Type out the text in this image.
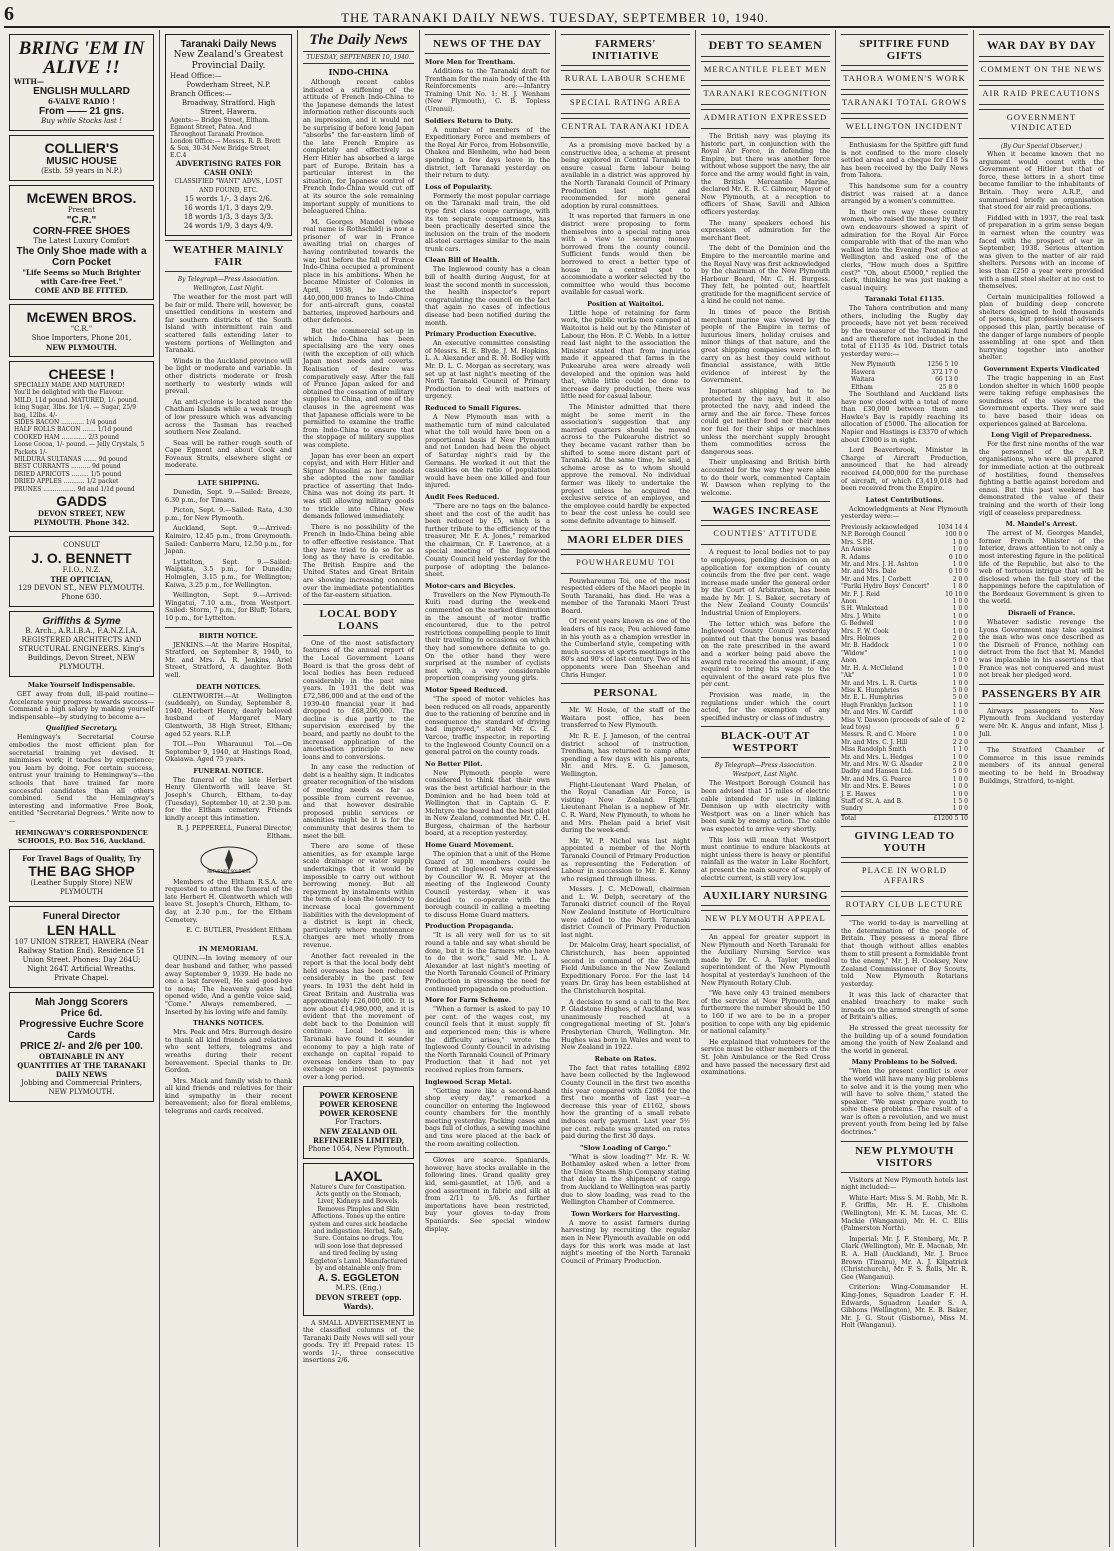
6	THE TARANAKI DAILY NEWS. TUESDAY, SEPTEMBER 10, 1940.
BRING 'EM IN ALIVE !!
WITH—
ENGLISH MULLARD
6-VALVE RADIO !
From —— 21 gns.
Buy while Stocks last !
COLLIER'S
MUSIC HOUSE
(Estb. 59 years in N.P.)
McEWEN BROS.
Present
"C.R."
CORN-FREE SHOES
The Latest Luxury Comfort
The Only Shoe made with a Corn Pocket
"Life Seems so Much Brighter with Care-free Feet."
COME AND BE FITTED.
McEWEN BROS.
"C.R."
Shoe Importers, Phone 201,
NEW PLYMOUTH.
CHEESE !
SPECIALLY MADE AND MATURED!
You'll be delighted with the Flavour.
MILD, 11d pound. MATURED, 1/- pound.
Icing Sugar, 3lbs. for 1/4. — Sugar, 25/9 bag, 12lbs. 4/-
SIDES BACON ............ 1/4 pound
HALF ROLLS BACON ....... 1/1d pound
COOKED HAM ............. 2/3 pound
Loose Cocoa, 1/- pound. — Jelly Crystals, 5 Packets 1/-
MILDURA SULTANAS ....... 9d pound
BEST CURRANTS .......... 9d pound
DRIED APRICOTS ......... 1/5 pound
DRIED APPLES ........... 1/2 packet
PRUNES ................. 9d and 1/1d pound
GADDS
DEVON STREET, NEW PLYMOUTH. Phone 342.
CONSULT
J. O. BENNETT
F.I.O., N.Z.
THE OPTICIAN,
129 DEVON ST., NEW PLYMOUTH. Phone 630.
Griffiths & Syme
B. Arch., A.R.I.B.A., F.A.N.Z.I.A. REGISTERED ARCHITECTS AND STRUCTURAL ENGINEERS. King's Buildings, Devon Street, NEW PLYMOUTH.
Make Yourself Indispensable.

GET away from dull, ill-paid routine— Accelerate your progress towards success—Command a high salary by making yourself indispensable—by studying to become a—

Qualified Secretary.

Hemingway's Secretarial Course embodies the most efficient plan for secretarial training yet devised. It minimises work; it teaches by experience; you learn by doing. For certain success, entrust your training to Hemingway's—the schools that have trained far more successful candidates than all others combined. Send the Hemingway's interesting and informative Free Book, entitled "Secretarial Degrees." Write now to—

HEMINGWAY'S CORRESPONDENCE SCHOOLS, P.O. Box 516, Auckland.
For Travel Bags of Quality, Try
THE BAG SHOP
(Leather Supply Store) NEW PLYMOUTH
Funeral Director
LEN HALL
107 UNION STREET, HAWERA (Near Railway Station End). Residence 51 Union Street. Phones: Day 264U; Night 264T. Artificial Wreaths. Private Chapel.
Mah Jongg Scorers
Price 6d.
Progressive Euchre Score Cards
PRICE 2/- and 2/6 per 100.
OBTAINABLE IN ANY QUANTITIES AT THE TARANAKI DAILY NEWS
Jobbing and Commercial Printers, NEW PLYMOUTH.
Taranaki Daily News
New Zealand's Greatest Provincial Daily.
Head Office:—
Powderham Street, N.P.
Branch Offices:—
Broadway, Stratford. High Street, Hawera.
Agents:— Bridge Street, Eltham. Egmont Street, Patea. And Throughout Taranaki Province.
London Office:— Messrs. R. B. Brett & Son, 30-34 New Bridge Street, E.C.4
ADVERTISING RATES FOR CASH ONLY:
CLASSIFIED "WANT" ADVS., LOST AND FOUND, ETC.
15 words 1/-, 3 days 2/6.
16 words 1/1, 3 days 2/9.
18 words 1/3, 3 days 3/3.
24 words 1/9, 3 days 4/9.
WEATHER MAINLY FAIR
By Telegraph—Press Association.
Wellington, Last Night.

The weather for the most part will be fair or mild. There will, however, be unsettled conditions in western and far southern districts of the South Island with intermittent rain and scattered falls extending later to western portions of Wellington and Taranaki.

Winds in the Auckland province will be light or moderate and variable. In other districts moderate or fresh northerly to westerly winds will prevail.

An anti-cyclone is located near the Chatham Islands while a weak trough of low pressure which was advancing across the Tasman has reached southern New Zealand.

Seas will be rather rough south of Cape Egmont and about Cook and Foveaux Straits, elsewhere slight or moderate.

LATE SHIPPING.

Dunedin, Sept. 9.—Sailed: Breeze, 6.30 p.m., for Timaru.

Picton, Sept. 9.—Sailed: Rata, 4.30 p.m., for New Plymouth.

Auckland, Sept. 9.—Arrived: Kaimiro, 12.45 p.m., from Greymouth. Sailed: Canberra Maru, 12.50 p.m., for Japan.

Lyttelton, Sept. 9.—Sailed: Waipiata, 3.5 p.m., for Dunedin; Holmglen, 3.15 p.m., for Wellington; Kaiwa, 3.25 p.m., for Wellington.

Wellington, Sept. 9.—Arrived: Wingatui, 7.10 a.m., from Westport. Sailed: Storm, 7 p.m., for Bluff; Totara, 10 p.m., for Lyttelton.

BIRTH NOTICE.

JENKINS.—At the Marire Hospital, Stratford, on September 8, 1940, to Mr. and Mrs. A. R. Jenkins, Ariel Street, Stratford, A daughter. Both well.

DEATH NOTICES.

GLENTWORTH.—At Wellington (suddenly), on Sunday, September 8, 1940, Herbert Henry, dearly beloved husband of Margaret Mary Glentworth, 38 High Street, Eltham; aged 52 years. R.I.P.

TOI.—Pou Wharaunui Toi.—On September 9, 1940, at Hastings Road, Okaiawa. Aged 75 years.

FUNERAL NOTICE.

The funeral of the late Herbert Henry Glentworth will leave St. Joseph's Church, Eltham, to-day (Tuesday), September 10, at 2.30 p.m. for the Eltham cemetery. Friends kindly accept this intimation.

R. J. PEPPERELL, Funeral Director, Eltham.

RETURNED SOLDIERS

Members of the Eltham R.S.A. are requested to attend the funeral of the late Herbert H. Glentworth which will leave St. Joseph's Church, Eltham, to-day, at 2.30 p.m., for the Eltham Cemetery.

E. C. BUTLER, President Eltham R.S.A.

IN MEMORIAM.

QUINN.—In loving memory of our dear husband and father, who passed away September 9, 1939. He bade no one a last farewell, He said good-bye to none; The heavenly gates had opened wide, And a gentle voice said, "Come." Always remembered. —Inserted by his loving wife and family.

THANKS NOTICES.

Mrs. Peek and Mrs. Burrough desire to thank all kind friends and relatives who sent letters, telegrams and wreaths during their recent bereavement. Special thanks to Dr. Gordon.

Mrs. Mack and family wish to thank all kind friends and relatives for their kind sympathy in their recent bereavement; also for floral emblems, telegrams and cards received.

The Daily News
TUESDAY, SEPTEMBER 10, 1940.
INDO-CHINA

Although recent cables indicated a stiffening of the attitude of French Indo-China to the Japanese demands the latest information rather discounts such an impression, and it would not be surprising if before long Japan "absorbs" the far-eastern limb of the late French Empire as completely and effectively as Herr Hitler has absorbed a large part of Europe. Britain has a particular interest in the situation, for Japanese control of French Indo-China would cut off at its source the sole remaining important supply of munitions to beleaguered China.

M. Georges Mandel (whose real name is Rothschild) is now a prisoner of war in France awaiting trial on charges of having contributed towards the war, but before the fall of France Indo-China occupied a prominent place in his ambitions. When he became Minister of Colonies in April, 1938, he allotted 440,000,000 francs to Indo-China for anti-aircraft guns, coastal batteries, improved harbours and other defences.

But the commercial set-up in which Indo-China has been specialising are the very ones (with the exception of oil) which Japan most needs and coverts. Realisation of desire was comparatively easy. After the fall of France Japan asked for and obtained the cessation of military supplies to China, and one of the clauses in the agreement was that Japanese officials were to be permitted to examine the traffic from Indo-China to ensure that the stoppage of military supplies was complete.

Japan has ever been an expert copyist, and with Herr Hitler and Signor Mussolini as her models she adopted the now familiar practice of asserting that Indo-China was not doing its part. It was still allowing military goods to trickle into China. New demands followed immediately.

There is no possibility of the French in Indo-China being able to offer effective resistance. That they have tried to do so for as long as they have is creditable. The British Empire and the United States and Great Britain are showing increasing concern over the immediate potentialities of the far-eastern situation.

LOCAL BODY LOANS

One of the most satisfactory features of the annual report of the Local Government Loans Board is that the gross debt of local bodies has been reduced considerably in the past nine years. In 1931 the debt was £72,586,000 and at the end of the 1939-40 financial year it had dropped to £68,206,000. The decline is due partly to the supervision exercised by the board, and partly no doubt to the increased application of the amortisation principle to new loans and to conversions.

In any case the reduction of debt is a healthy sign. It indicates greater recognition of the wisdom of meeting needs as far as possible from current revenue, and that however desirable proposed public services or amenities might be it is for the community that desires them to meet the bill.

There are some of these amenities, as for example large scale drainage or water supply undertakings that it would be impossible to carry out without borrowing money. But all repayment by instalments within the term of a loan the tendency to increase local government liabilities with the development of a district is kept in check, particularly where maintenance charges are met wholly from revenue.

Another fact revealed in the report is that the local body debt held overseas has been reduced considerably in the past few years. In 1931 the debt held in Great Britain and Australia was approximately £26,000,000. It is now about £14,980,000, and it is evident that the movement of debt back to the Dominion will continue. Local bodies in Taranaki have found it sounder economy to pay a high rate of exchange on capital repaid to overseas lenders than to pay exchange on interest payments over a long period.

POWER KEROSENE
POWER KEROSENE
POWER KEROSENE
For Tractors.
NEW ZEALAND OIL REFINERIES LIMITED,
Phone 1054, New Plymouth.
LAXOL
Nature's Cure for Constipation. Acts gently on the Stomach, Liver, Kidneys and Bowels. Removes Pimples and Skin Affections. Tones up the entire system and cures sick headache and indigestion. Herbal, Safe, Sure. Contains no drugs. You will soon lose that depressed and tired feeling by using Eggleton's Laxol. Manufactured by and obtainable only from
A. S. EGGLETON
M.P.S. (Eng.)
DEVON STREET (opp. Wards).

A SMALL ADVERTISEMENT in the classified columns of the Taranaki Daily News will sell your goods. Try it! Prepaid rates: 15 words 1/-, three consecutive insertions 2/6.

NEWS OF THE DAY
More Men for Trentham.

Additions to the Taranaki draft for Trentham for the main body of the 4th Reinforcements are:—Infantry Training Unit No. 1: H. J. Wenham (New Plymouth), C. B. Topless (Urenui).

Soldiers Return to Duty.

A number of members of the Expeditionary Force and members of the Royal Air Force, from Hobsonville, Ohakea and Blenheim, who had been spending a few days leave in the district, left Taranaki yesterday on their return to duty.

Loss of Popularity.

Formerly the most popular carriage on the Taranaki mail train, the old type first class coupe carriage, with its ten separate compartments, has been practically deserted since the inclusion on the train of the modern all-steel carriages similar to the main trunk cars.

Clean Bill of Health.

The Inglewood county has a clean bill of health during August, for at least the second month in succession, the health inspector's report congratulating the council on the fact that again no cases of infectious disease had been notified during the month.

Primary Production Executive.

An executive committee consisting of Messrs. H. E. Blyde, J. M. Hopkins, L. A. Alexander and R. M. Bodley with Mr. D. L. C. Morgan as secretary, was set up at last night's meeting of the North Taranaki Council of Primary Production to deal with matters of urgency.

Reduced to Small Figures.

A New Plymouth man with a mathematic turn of mind calculated what the toll would have been on a proportional basis if New Plymouth and not London had been the object of Saturday night's raid by the Germans. He worked it out that the casualties on the ratio of population would have been one killed and four injured.

Audit Fees Reduced.

"There are no tags on the balance-sheet and the cost of the audit has been reduced by £5, which is a further tribute to the efficiency of the treasurer, Mr. F. A. Jones," remarked the chairman, Cr. F. Lawrence, at a special meeting of the Inglewood County Council held yesterday for the purpose of adopting the balance-sheet.

Motor-cars and Bicycles.

Travellers on the New Plymouth-Te Kuiti road during the week-end commented on the marked diminution in the amount of motor traffic encountered, due to the petrol restrictions compelling people to limit their travelling to occasions on which they had somewhere definite to go. On the other hand they were surprised at the number of cyclists met with, a very considerable proportion comprising young girls.

Motor Speed Reduced.

"The speed of motor vehicles has been reduced on all roads, apparently due to the rationing of benzine and in consequence the standard of driving had improved," stated Mr. C. E. Varcoe, traffic inspector, in reporting to the Inglewood County Council on a general patrol on the county roads.

No Better Pilot.

New Plymouth people were considered to think that their own was the best artificial harbour in the Dominion and he had been told at Wellington that in Captain G. F. McIntyre the board had the best pilot in New Zealand, commented Mr. C. H. Burgess, chairman of the harbour board, at a reception yesterday.

Home Guard Movement.

The opinion that a unit of the Home Guard of 30 members could be formed at Inglewood was expressed by Councillor W. R. Meyer at the meeting of the Inglewood County Council yesterday, when it was decided to co-operate with the borough council in calling a meeting to discuss Home Guard matters.

Production Propaganda.

"It is all very well for us to sit round a table and say what should be done, but it is the farmers who have to do the work," said Mr. L. A. Alexander at last night's meeting of the North Taranaki Council of Primary Production in stressing the need for continued propaganda on production.

More for Farm Scheme.

"When a farmer is asked to pay 10 per cent. of the wages cost, my council feels that it must supply fit and experienced men; this is where the difficulty arises," wrote the Inglewood County Council in advising the North Taranaki Council of Primary Production that it had not yet received replies from farmers.

Inglewood Scrap Metal.

"Getting more like a second-hand shop every day," remarked a councillor on entering the Inglewood county chambers for the monthly meeting yesterday. Packing cases and bags full of clothes, a sewing machine and tins were placed at the back of the room awaiting collection.

Gloves are scarce. Spaniards, however, have stocks available in the following lines. Grand quality grey kid, semi-gauntlet, at 15/6, and a good assortment in fabric and silk at from 2/11 to 5/6. As further importations have been restricted, buy your gloves to-day from Spaniards. See special window display.

FARMERS' INITIATIVE
RURAL LABOUR SCHEME
SPECIAL RATING AREA
CENTRAL TARANAKI IDEA

As a promising move backed by a constructive idea, a scheme at present being explored in Central Taranaki to ensure casual farm labour being available in a district was approved by the North Taranaki Council of Primary Production last night and recommended for more general adoption by rural committees.

It was reported that farmers in one district were proposing to form themselves into a special rating area with a view to securing money borrowed from the county council. Sufficient funds would then be borrowed to erect a better type of house in a central spot to accommodate a worker selected by the committee who would thus become available for casual work.

Position at Waitoitoi.

Little hope of retaining for farm work, the public works men camped at Waitoitoi is held out by the Minister of Labour, the Hon. P. C. Webb. In a letter read last night to the association the Minister stated that from inquiries made it appeared that farms in the Pukearuhe area were already well developed and the opinion was held that, while little could be done to increase dairy production, there was little need for casual labour.

The Minister admitted that there might be some merit in the association's suggestion that any married quarters should be moved across to the Pukearuhe district so they became vacant rather than be shifted to some more distant part of Taranaki. At the same time, he said, a scheme arose as to whom should approve the removal. No individual farmer was likely to undertake the project unless he acquired the exclusive service of an employee, and the employee could hardly be expected to bear the cost unless he could see some definite advantage to himself.

MAORI ELDER DIES
POUWHAREUMU TOI

Pouwhareumu Toi, one of the most respected elders of the Maori people in South Taranaki, has died. He was a member of the Taranaki Maori Trust Board.

Of recent years known as one of the leaders of his race, Pou achieved fame in his youth as a champion wrestler in the Cumberland style, competing with much success at sports meetings in the 80's and 90's of last century. Two of his opponents were Dan Sheehan and Chris Hunger.

PERSONAL

Mr. W. Hosie, of the staff of the Waitara post office, has been transferred to New Plymouth.

Mr. R. E. J. Jameson, of the central district school of instruction, Trentham, has returned to camp after spending a few days with his parents, Mr. and Mrs. E. G. Jameson, Wellington.

Flight-Lieutenant Ward Phelan, of the Royal Canadian Air Force, is visiting New Zealand. Flight-Lieutenant Phelan is a nephew of Mr. C. R. Ward, New Plymouth, to whom he and Mrs. Phelan paid a brief visit during the week-end.

Mr. W. P. Nichol was last night appointed a member of the North Taranaki Council of Primary Production as representing the Federation of Labour in succession to Mr. E. Kenny who resigned through illness.

Messrs. J. C. McDowall, chairman and L. W. Delph, secretary of the Taranaki district council of the Royal New Zealand Institute of Horticulture were added to the North Taranaki district Council of Primary Production last night.

Dr. Malcolm Gray, heart specialist, of Christchurch, has been appointed second in command of the Seventh Field Ambulance in the New Zealand Expeditionary Force. For the last 14 years Dr. Gray has been established at the Christchurch hospital.

A decision to send a call to the Rev. P. Gladstone Hughes, of Auckland, was unanimously reached at a congregational meeting of St. John's Presbyterian Church, Wellington. Mr. Hughes was born in Wales and went to New Zealand in 1922.

Rebate on Rates.

The fact that rates totalling £892 have been collected by the Inglewood County Council in the first two months this year compared with £2084 for the first two months of last year—a decrease this year of £1162, shows how the granting of a small rebate induces early payment. Last year 5½ per cent. rebate was granted on rates paid during the first 30 days.

"Slow Loading of Cargo."

"What is slow loading?" Mr. R. W. Bothamley asked when a letter from the Union Steam Ship Company stating that delay in the shipment of cargo from Auckland to Wellington was partly due to slow loading, was read to the Wellington Chamber of Commerce.

Town Workers for Harvesting.

A move to assist farmers during harvesting by recruiting the regular men in New Plymouth available on odd days for this work was made at last night's meeting of the North Taranaki Council of Primary Production.

DEBT TO SEAMEN
MERCANTILE FLEET MEN
TARANAKI RECOGNITION
ADMIRATION EXPRESSED

The British navy was playing its historic part, in conjunction with the Royal Air Force, in defending the Empire, but there was another force without whose support the navy, the air force and the army would fight in vain, the British Mercantile Marine, declared Mr. E. R. C. Gilmour, Mayor of New Plymouth, at a reception to officers of Shaw, Savill and Albion officers yesterday.

The many speakers echoed his expression of admiration for the merchant fleet.

The debt of the Dominion and the Empire to the mercantile marine and the Royal Navy was first acknowledged by the chairman of the New Plymouth Harbour Board, Mr. C. H. Burgess. They felt, he pointed out, heartfelt gratitude for the magnificent service of a kind he could not name.

In times of peace the British merchant marine was viewed by the people of the Empire in terms of luxurious liners, holiday cruises and minor things of that nature, and the great shipping companies were left to carry on as best they could without financial assistance, with little evidence of interest by the Government.

Important shipping had to be protected by the navy, but it also protected the navy, and indeed the army and the air force. These forces could get neither food nor their men nor fuel for their ships or machines unless the merchant supply brought them commodities across the dangerous seas.

Their unpleasing and British birth accounted for the way they were able to do their work, commented Captain W. Dawson when replying to the welcome.

WAGES INCREASE
COUNTIES' ATTITUDE

A request to local bodies not to pay to employees, pending decision on an application for exemption of county councils from the five per cent. wage increase made under the general order by the Court of Arbitration, has been made by Mr. J. S. Baker, secretary of the New Zealand County Councils' Industrial Union of Employers.

The letter which was before the Inglewood County Council yesterday pointed out that the bonus was based on the rate prescribed in the award and a worker being paid above the award rate received the amount, if any, required to bring his wage to the equivalent of the award rate plus five per cent.

Provision was made, in the regulations under which the court acted, for the exemption of any specified industry or class of industry.

BLACK-OUT AT WESTPORT
By Telegraph—Press Association.
Westport, Last Night.

The Westport Borough Council has been advised that 15 miles of electric cable intended for use in linking Dennison up with electricity with Westport was on a liner which has been sunk by enemy action. The cable was expected to arrive very shortly.

This loss will mean that Westport must continue to endure blackouts at night unless there is heavy or plentiful rainfall as the water in Lake Rochfort, at present the main source of supply of electric current, is still very low.

AUXILIARY NURSING
NEW PLYMOUTH APPEAL

An appeal for greater support in New Plymouth and North Taranaki for the Auxiliary Nursing Service was made by Dr. C. A. Taylor, medical superintendent of the New Plymouth hospital at yesterday's luncheon of the New Plymouth Rotary Club.

"We have only 43 trained members of the service at New Plymouth, and furthermore the number should be 150 to 160 if we are to be in a proper position to cope with any big epidemic or national calamity."

He explained that volunteers for the service must be either members of the St. John Ambulance or the Red Cross and have passed the necessary first aid examinations.

SPITFIRE FUND GIFTS
TAHORA WOMEN'S WORK
TARANAKI TOTAL GROWS
WELLINGTON INCIDENT

Enthusiasm for the Spitfire gift fund is not confined to the more closely settled areas and a cheque for £18 5s has been received by the Daily News from Tahora.

This handsome sum for a country district was raised at a dance arranged by a women's committee.

In their own way these country women, who raised the money by their own endeavours showed a spirit of admiration for the Royal Air Force comparable with that of the man who walked into the Evening Post office at Wellington and asked one of the clerks, "How much does a Spitfire cost?" "Oh, about £5000," replied the clerk, thinking he was just making a casual inquiry.

Taranaki Total £1135.

The Tahora contribution and many others, including the Rugby day proceeds, have not yet been received by the treasurer of the Taranaki fund and are therefore not included in the total of £1135 4s 10d. District totals yesterday were:—

New Plymouth	1256 5 10
Hawera	372 17 0
Waitara	66 13 0
Eltham	25 8 0

The Southland and Auckland lists have now closed with a total of more than £30,000 between them and Hawke's Bay is rapidly reaching its allocation of £5000. The allocation for Napier and Hastings is £3370 of which about £3000 is in sight.

Lord Beaverbrook, Minister in Charge of Aircraft Production, announced that he had already received £4,000,000 for the purchase of aircraft, of which £3,419,018 had been received from the Empire.

Latest Contributions.

Acknowledgments at New Plymouth yesterday were:—

Previously acknowledged	1034 14 4
N.P. Borough Council	100 0 0
Mrs. S.P.H.	1 0 0
An Aussie	1 0 0
R. Adams	0 10 0
Mr. and Mrs. J. H. Ashton	1 0 0
Mr. and Mrs. Dale	0 10 0
Mr. and Mrs. J. Corbett	2 0 0
"Pariki Hydro Boys' Concert"	1 8 0
Mr. F. J. Reid	10 10 0
Anon	1 0 0
S.H. Winkstead	1 0 0
Mrs. J. White	1 0 0
G. Bedwell	1 0 0
Mrs. F. W. Cook	1 0 0
Mrs. Holmes	2 0 0
Mr. B. Haddock	1 0 0
"Widow"	1 0 0
Anon	5 0 0
Mr. H. A. McCleland	1 0 0
"Ak"	1 0 0
Mr. and Mrs. L. R. Curtis	1 0 0
Miss K. Humphries	5 0 0
Mr. E. L. Humphries	5 0 0
Hugh Franklyn Jackson	1 1 0
Mr. and Mrs. W. Cardiff	1 0 0
Miss V. Dawson (proceeds of sale of lead toys)
0 2 6
Messrs. R. and C. Moore	1 0 0
Mr. and Mrs. C. J. Hill	2 2 0
Miss Randolph Smith	1 1 0
Mr. and Mrs. L. Hedges	1 0 0
Mr. and Mrs. W. G. Alsader	2 0 0
Dadby and Hansen Ltd.	5 0 0
Mr. and Mrs. G. Pearce	1 0 0
Mr. and Mrs. E. Bewes	1 0 0
J. E. Hawes	1 0 0
Staff of St. A. and B.	1 5 0
Sundry	1 0 0
Total	£1200 5 10
GIVING LEAD TO YOUTH
PLACE IN WORLD AFFAIRS
ROTARY CLUB LECTURE

"The world to-day is marvelling at the determination of the people of Britain. They possess a moral fibre that though without allies enables them to still present a formidable front to the enemy," Mr. J. H. Cooksey, New Zealand Commissioner of Boy Scouts, told New Plymouth Rotarians yesterday.

It was this lack of character that enabled treachery to make such inroads on the armed strength of some of Britain's allies.

He stressed the great necessity for the building up of a sound foundation among the youth of New Zealand and the world in general.

Many Problems to be Solved.

"When the present conflict is over the world will have many big problems to solve and it is the young men who will have to solve them," stated the speaker. "We must prepare youth to solve these problems. The result of a war is often a revolution, and we must prevent youth from being led by false doctrines."

NEW PLYMOUTH VISITORS

Visitors at New Plymouth hotels last night included:—

White Hart: Miss S. M. Robb, Mr. R. F. Griffin, Mr. H. E. Chisholm (Wellington), Mr. K. M. Lucas, Mr. C. Mackie (Wanganui), Mr. H. C. Ellis (Palmerston North).

Imperial: Mr. J. F. Stenberg, Mr. P. Clark (Wellington), Mr. E. Macnab, Mr. R. A. Hall (Auckland), Mr. J. Bruce Brown (Timaru), Mr. A. J. Kilpatrick (Christchurch), Mr. F. S. Rolls, Mr. R. Gee (Wanganui).

Criterion: Wing-Commander H. King-Jones, Squadron Leader F. H. Edwards, Squadron Leader S. A. Gibbons (Wellington), Mr. E. B. Baker, Mr. J. G. Stout (Gisborne), Miss M. Holt (Wanganui).

WAR DAY BY DAY
COMMENT ON THE NEWS
AIR RAID PRECAUTIONS
GOVERNMENT VINDICATED
(By Our Special Observer.)

When it became known that no argument would count with the Government of Hitler but that of force, these letters in a short time became familiar to the inhabitants of Britain. They were A.R.P., and summarised briefly an organisation that stood for air raid precautions.

Fiddled with in 1937, the real task of preparation in a grim sense began in earnest when the country was faced with the prospect of war in September, 1938. Serious attention was given to the matter of air raid shelters. Persons with an income of less than £250 a year were provided with a small steel shelter at no cost to themselves.

Certain municipalities followed a plan of building deep concrete shelters designed to hold thousands of persons, but professional advisers opposed this plan, partly because of the danger of large numbers of people assembling at one spot and then hurrying together into another shelter.

Government Experts Vindicated

The tragic happening in an East London shelter in which 1600 people were taking refuge emphasises the soundness of the views of the Government experts. They were said to have based their ideas on experiences gained at Barcelona.

Long Vigil of Preparedness.

For the first nine months of the war the personnel of the A.R.P. organisations, who were all prepared for immediate action at the outbreak of hostilities, found themselves fighting a battle against boredom and ennui. But this past weekend has demonstrated the value of their training and the worth of their long vigil of ceaseless preparedness.

M. Mandel's Arrest.

The arrest of M. Georges Mandel, former French Minister of the Interior, draws attention to not only a most interesting figure in the political life of the Republic, but also to the web of tortuous intrigue that will be disclosed when the full story of the happenings before the capitulation of the Bordeaux Government is given to the world.

Disraeli of France.

Whatever sadistic revenge the Lyons Government may take against the man who was once described as the Disraeli of France, nothing can detract from the fact that M. Mandel was implacable in his assertions that France was not conquered and must not break her pledged word.

PASSENGERS BY AIR

Airways passengers to New Plymouth from Auckland yesterday were Mr. K. Angus and infant, Miss J. Jull.

The Stratford Chamber of Commerce in this issue reminds members of its annual general meeting to be held in Broadway Buildings, Stratford, to-night.
